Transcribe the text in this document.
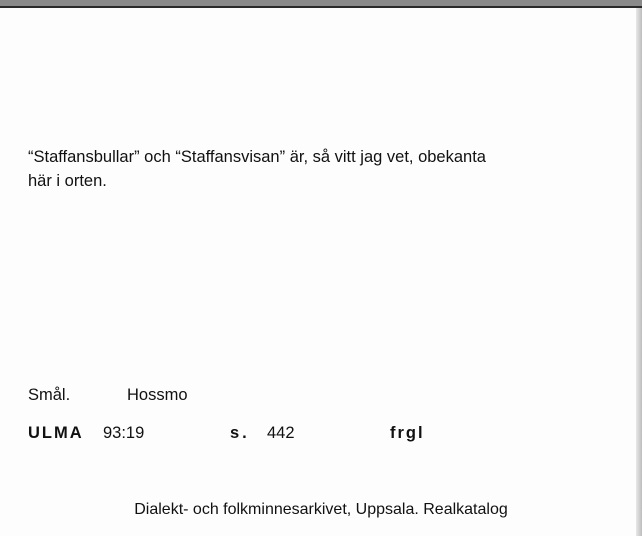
“Staffansbullar” och “Staffansvisan” är, så vitt jag vet, obekanta
här i orten.
Smål.	Hossmo
ULMA 93:19	s. 442	frgl
Dialekt- och folkminnesarkivet, Uppsala. Realkatalog
